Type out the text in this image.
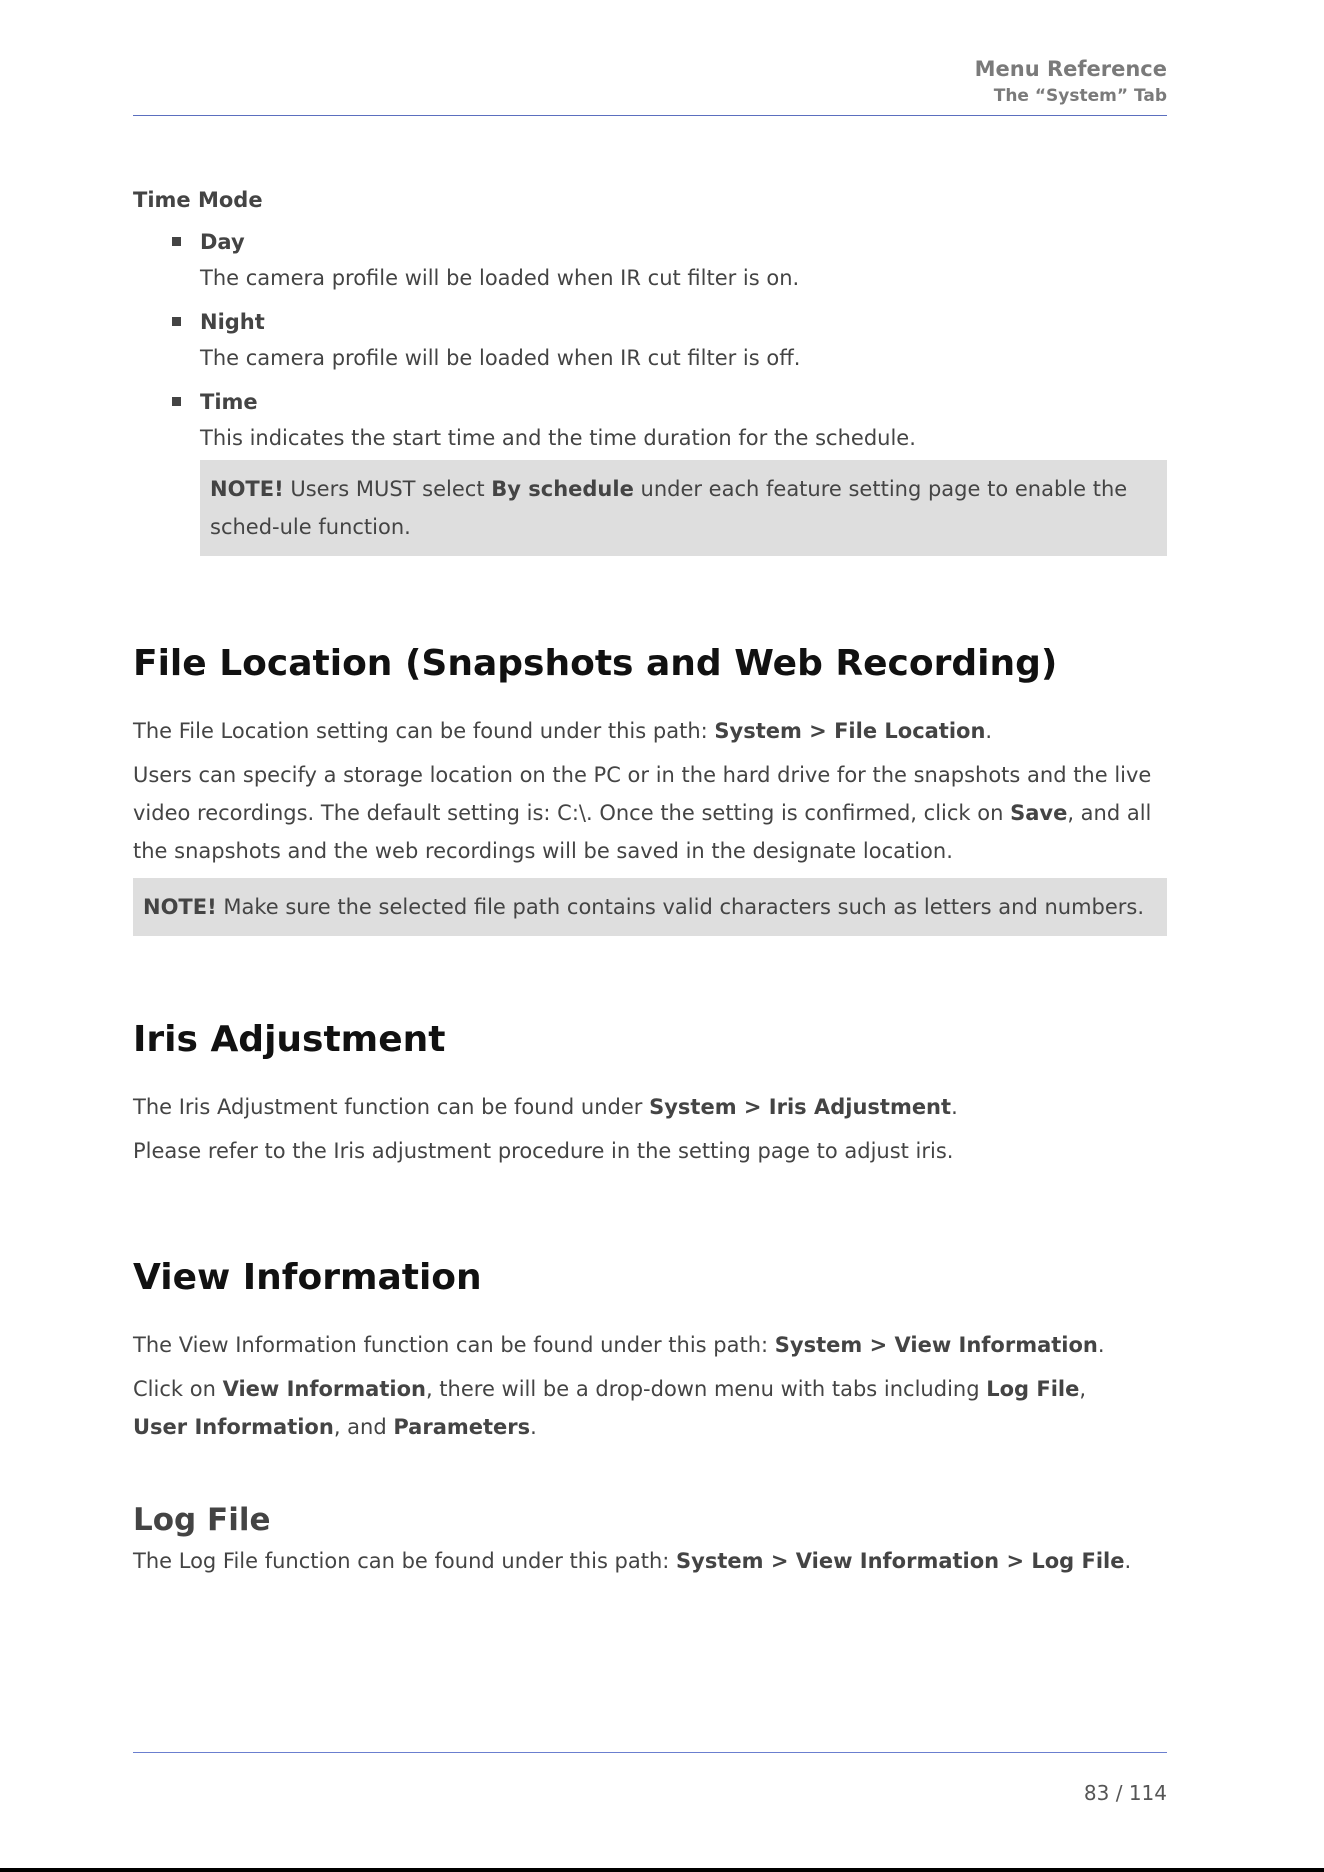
Menu Reference
The “System” Tab
Time Mode
Day
The camera profile will be loaded when IR cut filter is on.
Night
The camera profile will be loaded when IR cut filter is off.
Time
This indicates the start time and the time duration for the schedule.
NOTE! Users MUST select By schedule under each feature setting page to enable the sched-ule function.
File Location (Snapshots and Web Recording)

The File Location setting can be found under this path: System > File Location.

Users can specify a storage location on the PC or in the hard drive for the snapshots and the live video recordings. The default setting is: C:\. Once the setting is confirmed, click on Save, and all the snapshots and the web recordings will be saved in the designate location.

NOTE! Make sure the selected file path contains valid characters such as letters and numbers.
Iris Adjustment

The Iris Adjustment function can be found under System > Iris Adjustment.

Please refer to the Iris adjustment procedure in the setting page to adjust iris.

View Information

The View Information function can be found under this path: System > View Information.

Click on View Information, there will be a drop-down menu with tabs including Log File, User Information, and Parameters.

Log File

The Log File function can be found under this path: System > View Information > Log File.

83 / 114
